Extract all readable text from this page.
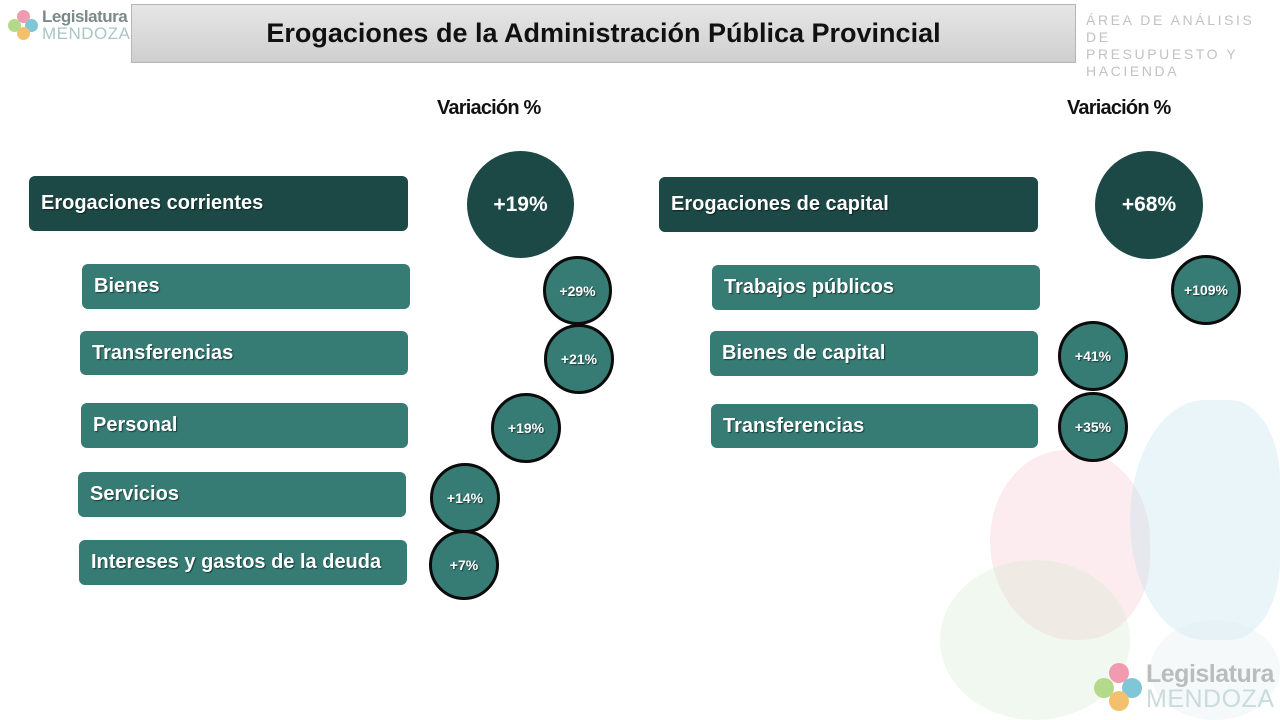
Legislatura
MENDOZA	Erogaciones de la Administración Pública Provincial	ÁREA DE ANÁLISIS DE
PRESUPUESTO Y HACIENDA
Variación %
Erogaciones corrientes	+19%
Bienes	+29%
Transferencias	+21%
Personal	+19%
Servicios	+14%
Intereses y gastos de la deuda	+7%
Variación %
Erogaciones de capital	+68%
Trabajos públicos	+109%
Bienes de capital	+41%
Transferencias	+35%
Legislatura
MENDOZA
